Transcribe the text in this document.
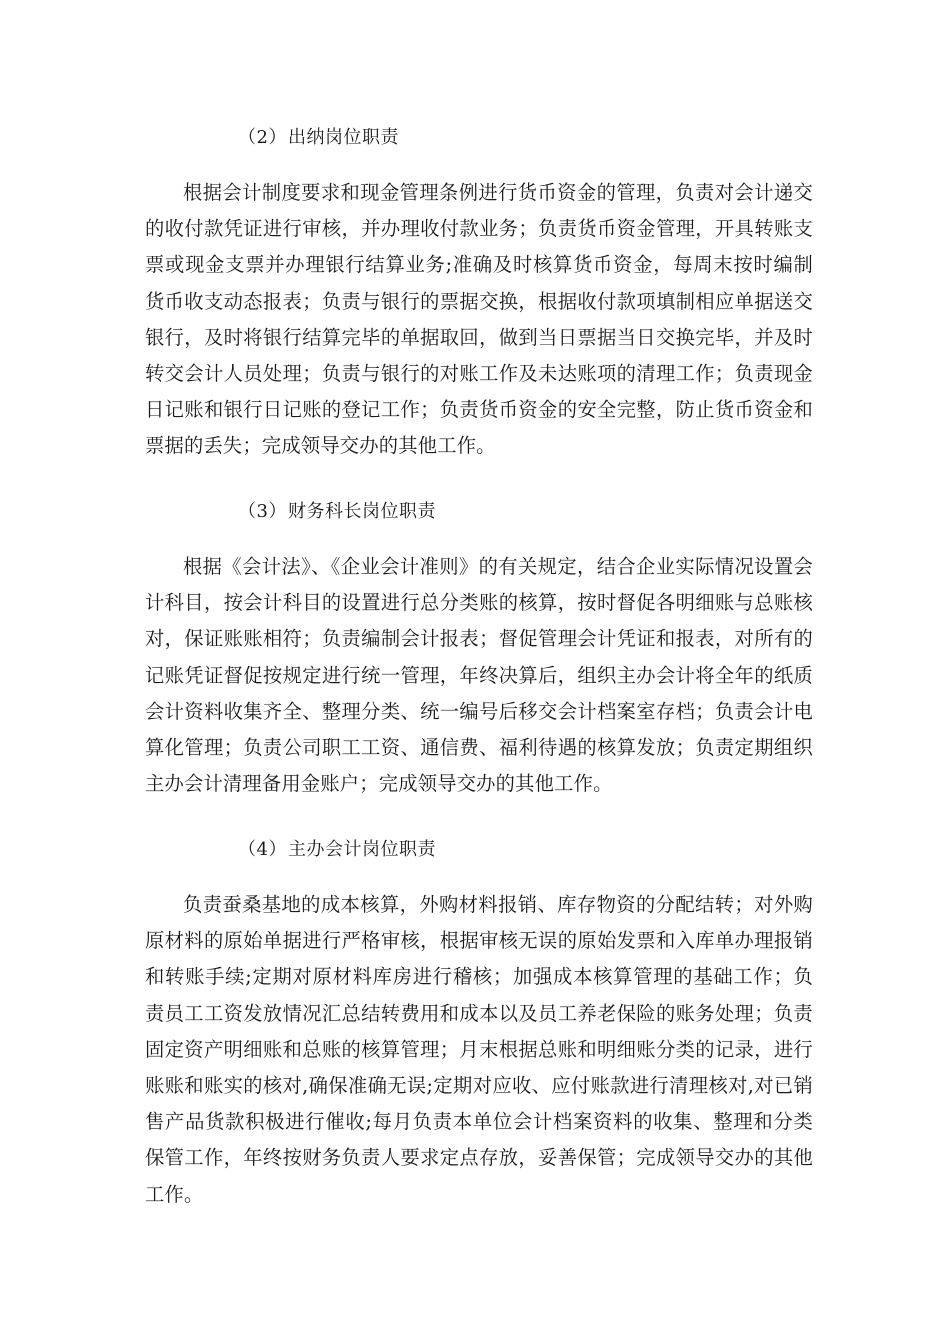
（2）出纳岗位职责

根据会计制度要求和现金管理条例进行货币资金的管理，负责对会计递交的收付款凭证进行审核，并办理收付款业务；负责货币资金管理，开具转账支票或现金支票并办理银行结算业务;准确及时核算货币资金，每周末按时编制货币收支动态报表；负责与银行的票据交换，根据收付款项填制相应单据送交银行，及时将银行结算完毕的单据取回，做到当日票据当日交换完毕，并及时转交会计人员处理；负责与银行的对账工作及未达账项的清理工作；负责现金日记账和银行日记账的登记工作；负责货币资金的安全完整，防止货币资金和票据的丢失；完成领导交办的其他工作。

（3）财务科长岗位职责

根据《会计法》、《企业会计准则》的有关规定，结合企业实际情况设置会计科目，按会计科目的设置进行总分类账的核算，按时督促各明细账与总账核对，保证账账相符；负责编制会计报表；督促管理会计凭证和报表，对所有的记账凭证督促按规定进行统一管理，年终决算后，组织主办会计将全年的纸质会计资料收集齐全、整理分类、统一编号后移交会计档案室存档；负责会计电算化管理；负责公司职工工资、通信费、福利待遇的核算发放；负责定期组织主办会计清理备用金账户；完成领导交办的其他工作。

（4）主办会计岗位职责

负责蚕桑基地的成本核算，外购材料报销、库存物资的分配结转；对外购原材料的原始单据进行严格审核，根据审核无误的原始发票和入库单办理报销和转账手续;定期对原材料库房进行稽核；加强成本核算管理的基础工作；负责员工工资发放情况汇总结转费用和成本以及员工养老保险的账务处理；负责固定资产明细账和总账的核算管理；月末根据总账和明细账分类的记录，进行账账和账实的核对,确保准确无误;定期对应收、应付账款进行清理核对,对已销售产品货款积极进行催收;每月负责本单位会计档案资料的收集、整理和分类保管工作，年终按财务负责人要求定点存放，妥善保管；完成领导交办的其他工作。
